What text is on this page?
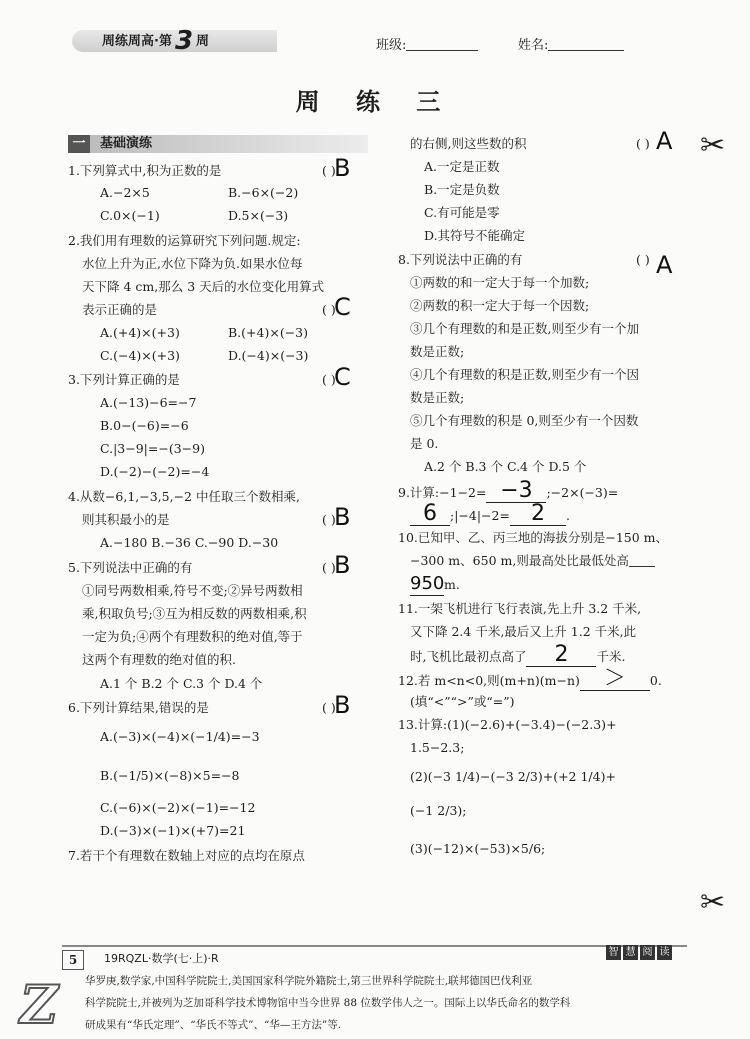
周练周高·第 3 周	班级:	姓名:
周 练 三
一 基础演练
1.下列算式中,积为正数的是	( )
B
A.−2×5	B.−6×(−2)
C.0×(−1)	D.5×(−3)
2.我们用有理数的运算研究下列问题.规定:
水位上升为正,水位下降为负.如果水位每
天下降 4 cm,那么 3 天后的水位变化用算式
表示正确的是	( )
C
A.(+4)×(+3)	B.(+4)×(−3)
C.(−4)×(+3)	D.(−4)×(−3)
3.下列计算正确的是	( )
C
A.(−13)−6=−7
B.0−(−6)=−6
C.|3−9|=−(3−9)
D.(−2)−(−2)=−4
4.从数−6,1,−3,5,−2 中任取三个数相乘,
则其积最小的是	( )
B
A.−180 B.−36 C.−90 D.−30
5.下列说法中正确的有	( )
B
①同号两数相乘,符号不变;②异号两数相
乘,积取负号;③互为相反数的两数相乘,积
一定为负;④两个有理数积的绝对值,等于
这两个有理数的绝对值的积.
A.1 个 B.2 个 C.3 个 D.4 个
6.下列计算结果,错误的是	( )
B
A.(−3)×(−4)×(−1/4)=−3
B.(−1/5)×(−8)×5=−8
C.(−6)×(−2)×(−1)=−12
D.(−3)×(−1)×(+7)=21
7.若干个有理数在数轴上对应的点均在原点
的右侧,则这些数的积	( ) A
A.一定是正数
B.一定是负数
C.有可能是零
D.其符号不能确定
8.下列说法中正确的有	( ) A
①两数的和一定大于每一个加数;
②两数的积一定大于每一个因数;
③几个有理数的和是正数,则至少有一个加
数是正数;
④几个有理数的积是正数,则至少有一个因
数是正数;
⑤几个有理数的积是 0,则至少有一个因数
是 0.
A.2 个 B.3 个 C.4 个 D.5 个
9.计算:−1−2= −3 ;−2×(−3)=
6 ;|−4|−2= 2 .
10.已知甲、乙、丙三地的海拔分别是−150 m、
−300 m、650 m,则最高处比最低处高
950m.
11.一架飞机进行飞行表演,先上升 3.2 千米,
又下降 2.4 千米,最后又上升 1.2 千米,此
时,飞机比最初点高了 2 千米.
12.若 m<n<0,则(m+n)(m−n) ＞ 0.
(填“<”“>”或“=”)
13.计算:(1)(−2.6)+(−3.4)−(−2.3)+
1.5−2.3;
(2)(−3 1/4)−(−3 2/3)+(+2 1/4)+
(−1 2/3);
(3)(−12)×(−53)×5/6;
✂
✂
5	19RQZL·数学(七·上)·R	智 慧 阅 读
Z	华罗庚,数学家,中国科学院院士,美国国家科学院外籍院士,第三世界科学院院士,联邦德国巴伐利亚
科学院院士,并被列为芝加哥科学技术博物馆中当今世界 88 位数学伟人之一。国际上以华氏命名的数学科
研成果有“华氏定理”、“华氏不等式”、“华—王方法”等.
